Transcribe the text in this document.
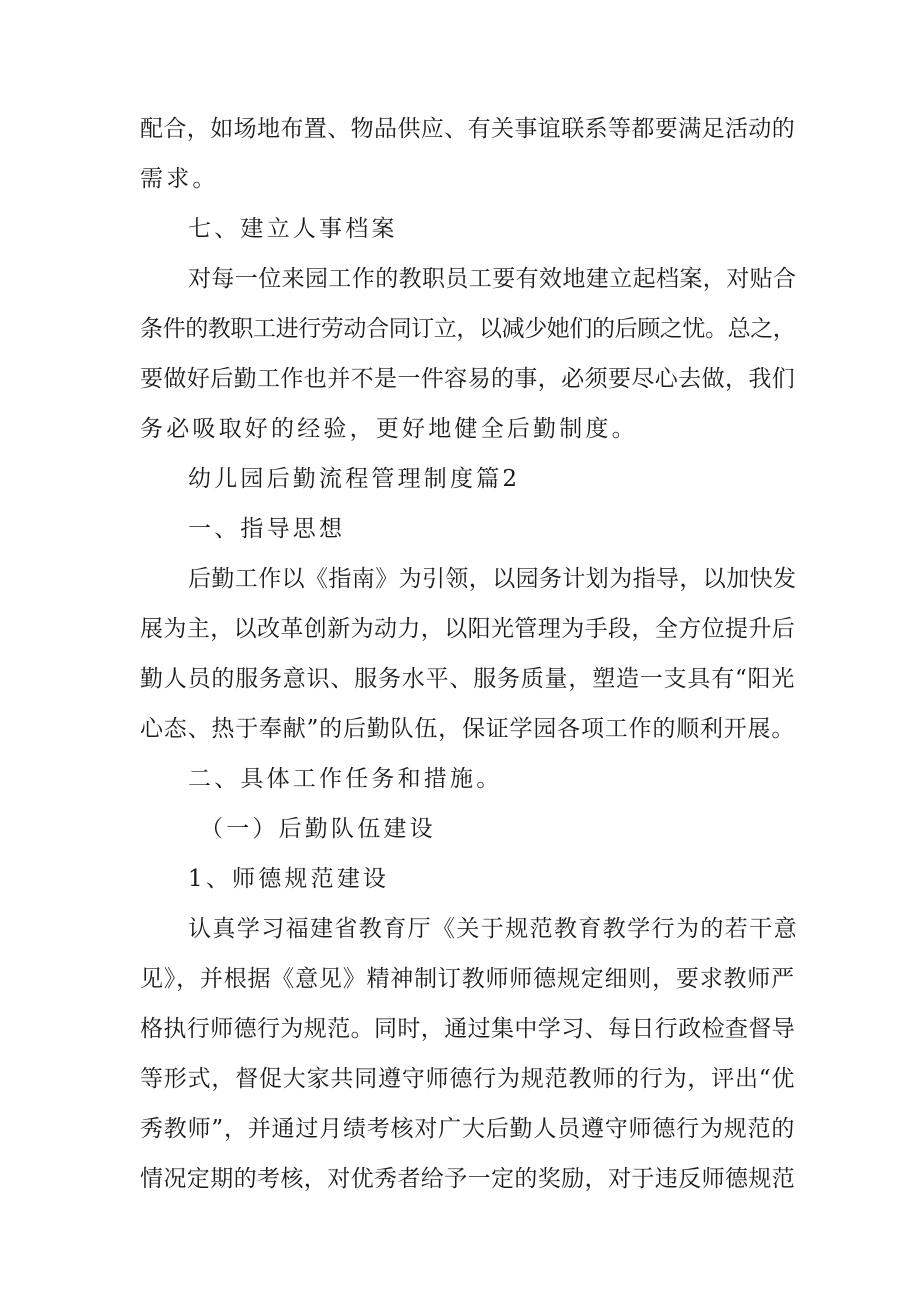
配合，如场地布置、物品供应、有关事谊联系等都要满足活动的
需求。
七、建立人事档案
对每一位来园工作的教职员工要有效地建立起档案，对贴合
条件的教职工进行劳动合同订立，以减少她们的后顾之忧。总之，
要做好后勤工作也并不是一件容易的事，必须要尽心去做，我们
务必吸取好的经验，更好地健全后勤制度。
幼儿园后勤流程管理制度篇2
一、指导思想
后勤工作以《指南》为引领，以园务计划为指导，以加快发
展为主，以改革创新为动力，以阳光管理为手段，全方位提升后
勤人员的服务意识、服务水平、服务质量，塑造一支具有“阳光
心态、热于奉献”的后勤队伍，保证学园各项工作的顺利开展。
二、具体工作任务和措施。
（一）后勤队伍建设
1、师德规范建设
认真学习福建省教育厅《关于规范教育教学行为的若干意
见》，并根据《意见》精神制订教师师德规定细则，要求教师严
格执行师德行为规范。同时，通过集中学习、每日行政检查督导
等形式，督促大家共同遵守师德行为规范教师的行为，评出“优
秀教师”，并通过月绩考核对广大后勤人员遵守师德行为规范的
情况定期的考核，对优秀者给予一定的奖励，对于违反师德规范
